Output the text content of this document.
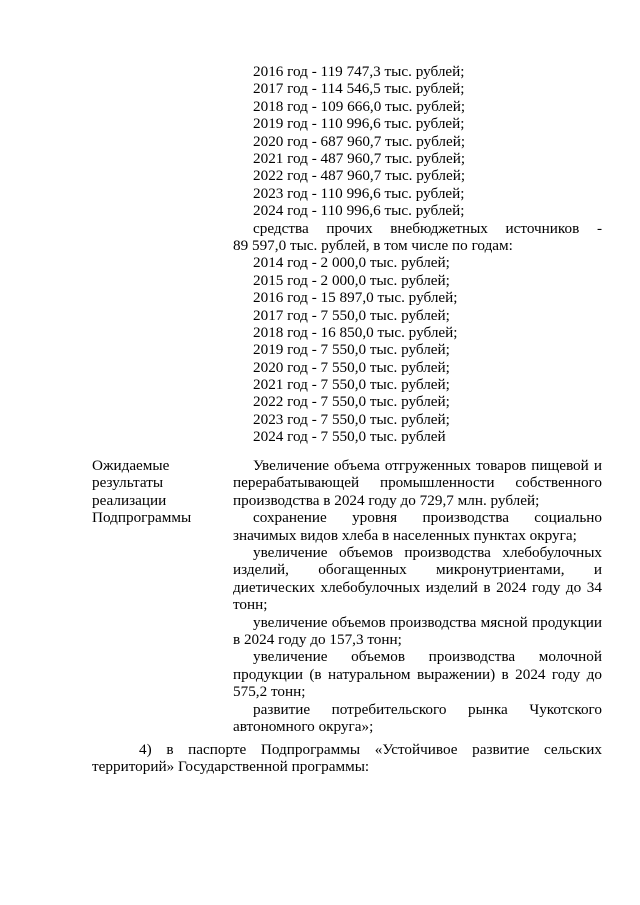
2016 год - 119 747,3 тыс. рублей;
2017 год - 114 546,5 тыс. рублей;
2018 год - 109 666,0 тыс. рублей;
2019 год - 110 996,6 тыс. рублей;
2020 год - 687 960,7 тыс. рублей;
2021 год - 487 960,7 тыс. рублей;
2022 год - 487 960,7 тыс. рублей;
2023 год - 110 996,6 тыс. рублей;
2024 год - 110 996,6 тыс. рублей;
средства прочих внебюджетных источников -
89 597,0 тыс. рублей, в том числе по годам:
2014 год - 2 000,0 тыс. рублей;
2015 год - 2 000,0 тыс. рублей;
2016 год - 15 897,0 тыс. рублей;
2017 год - 7 550,0 тыс. рублей;
2018 год - 16 850,0 тыс. рублей;
2019 год - 7 550,0 тыс. рублей;
2020 год - 7 550,0 тыс. рублей;
2021 год - 7 550,0 тыс. рублей;
2022 год - 7 550,0 тыс. рублей;
2023 год - 7 550,0 тыс. рублей;
2024 год - 7 550,0 тыс. рублей
Ожидаемые
результаты
реализации
Подпрограммы

Увеличение объема отгруженных товаров пищевой и перерабатывающей промышленности собственного производства в 2024 году до 729,7 млн. рублей;

сохранение уровня производства социально значимых видов хлеба в населенных пунктах округа;

увеличение объемов производства хлебобулочных изделий, обогащенных микронутриентами, и диетических хлебобулочных изделий в 2024 году до 34 тонн;

увеличение объемов производства мясной продукции в 2024 году до 157,3 тонн;

увеличение объемов производства молочной продукции (в натуральном выражении) в 2024 году до 575,2 тонн;

развитие потребительского рынка Чукотского автономного округа»;

4) в паспорте Подпрограммы «Устойчивое развитие сельских территорий» Государственной программы:
